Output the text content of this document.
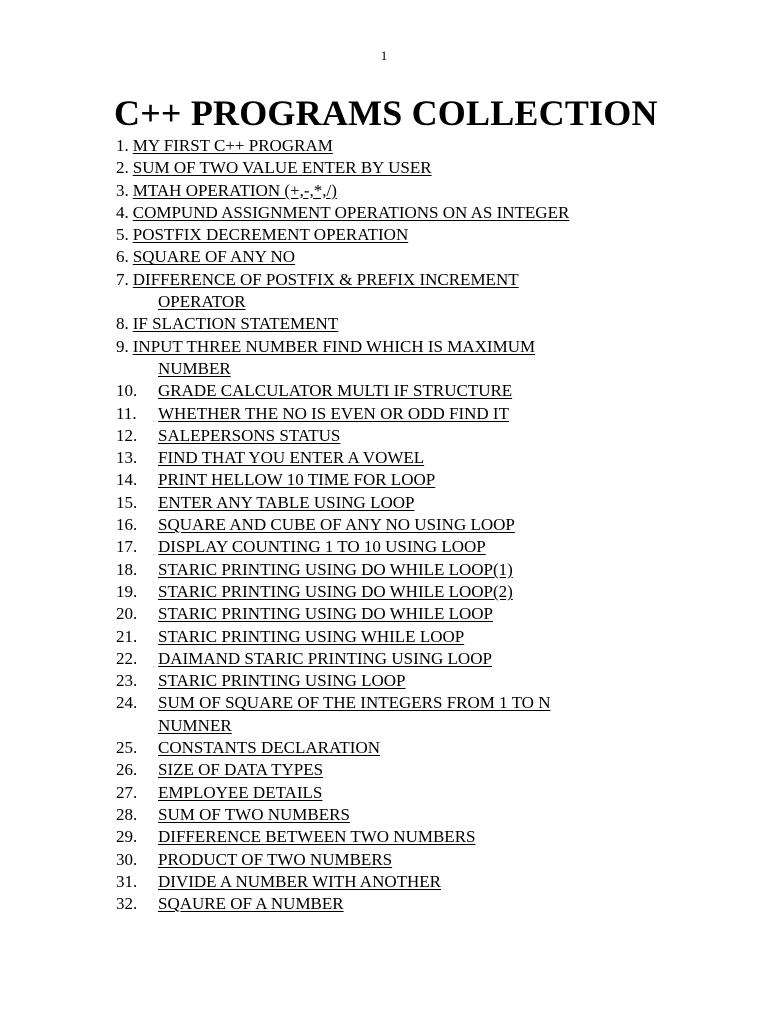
1
C++ PROGRAMS COLLECTION
1. MY FIRST C++ PROGRAM
2. SUM OF TWO VALUE ENTER BY USER
3. MTAH OPERATION (+,-,*,/)
4. COMPUND ASSIGNMENT OPERATIONS ON AS INTEGER
5. POSTFIX DECREMENT OPERATION
6. SQUARE OF ANY NO
7. DIFFERENCE OF POSTFIX & PREFIX INCREMENT
OPERATOR
8. IF SLACTION STATEMENT
9. INPUT THREE NUMBER FIND WHICH IS MAXIMUM
NUMBER
10. GRADE CALCULATOR MULTI IF STRUCTURE
11. WHETHER THE NO IS EVEN OR ODD FIND IT
12. SALEPERSONS STATUS
13. FIND THAT YOU ENTER A VOWEL
14. PRINT HELLOW 10 TIME FOR LOOP
15. ENTER ANY TABLE USING LOOP
16. SQUARE AND CUBE OF ANY NO USING LOOP
17. DISPLAY COUNTING 1 TO 10 USING LOOP
18. STARIC PRINTING USING DO WHILE LOOP(1)
19. STARIC PRINTING USING DO WHILE LOOP(2)
20. STARIC PRINTING USING DO WHILE LOOP
21. STARIC PRINTING USING WHILE LOOP
22. DAIMAND STARIC PRINTING USING LOOP
23. STARIC PRINTING USING LOOP
24. SUM OF SQUARE OF THE INTEGERS FROM 1 TO N
NUMNER
25. CONSTANTS DECLARATION
26. SIZE OF DATA TYPES
27. EMPLOYEE DETAILS
28. SUM OF TWO NUMBERS
29. DIFFERENCE BETWEEN TWO NUMBERS
30. PRODUCT OF TWO NUMBERS
31. DIVIDE A NUMBER WITH ANOTHER
32. SQAURE OF A NUMBER
